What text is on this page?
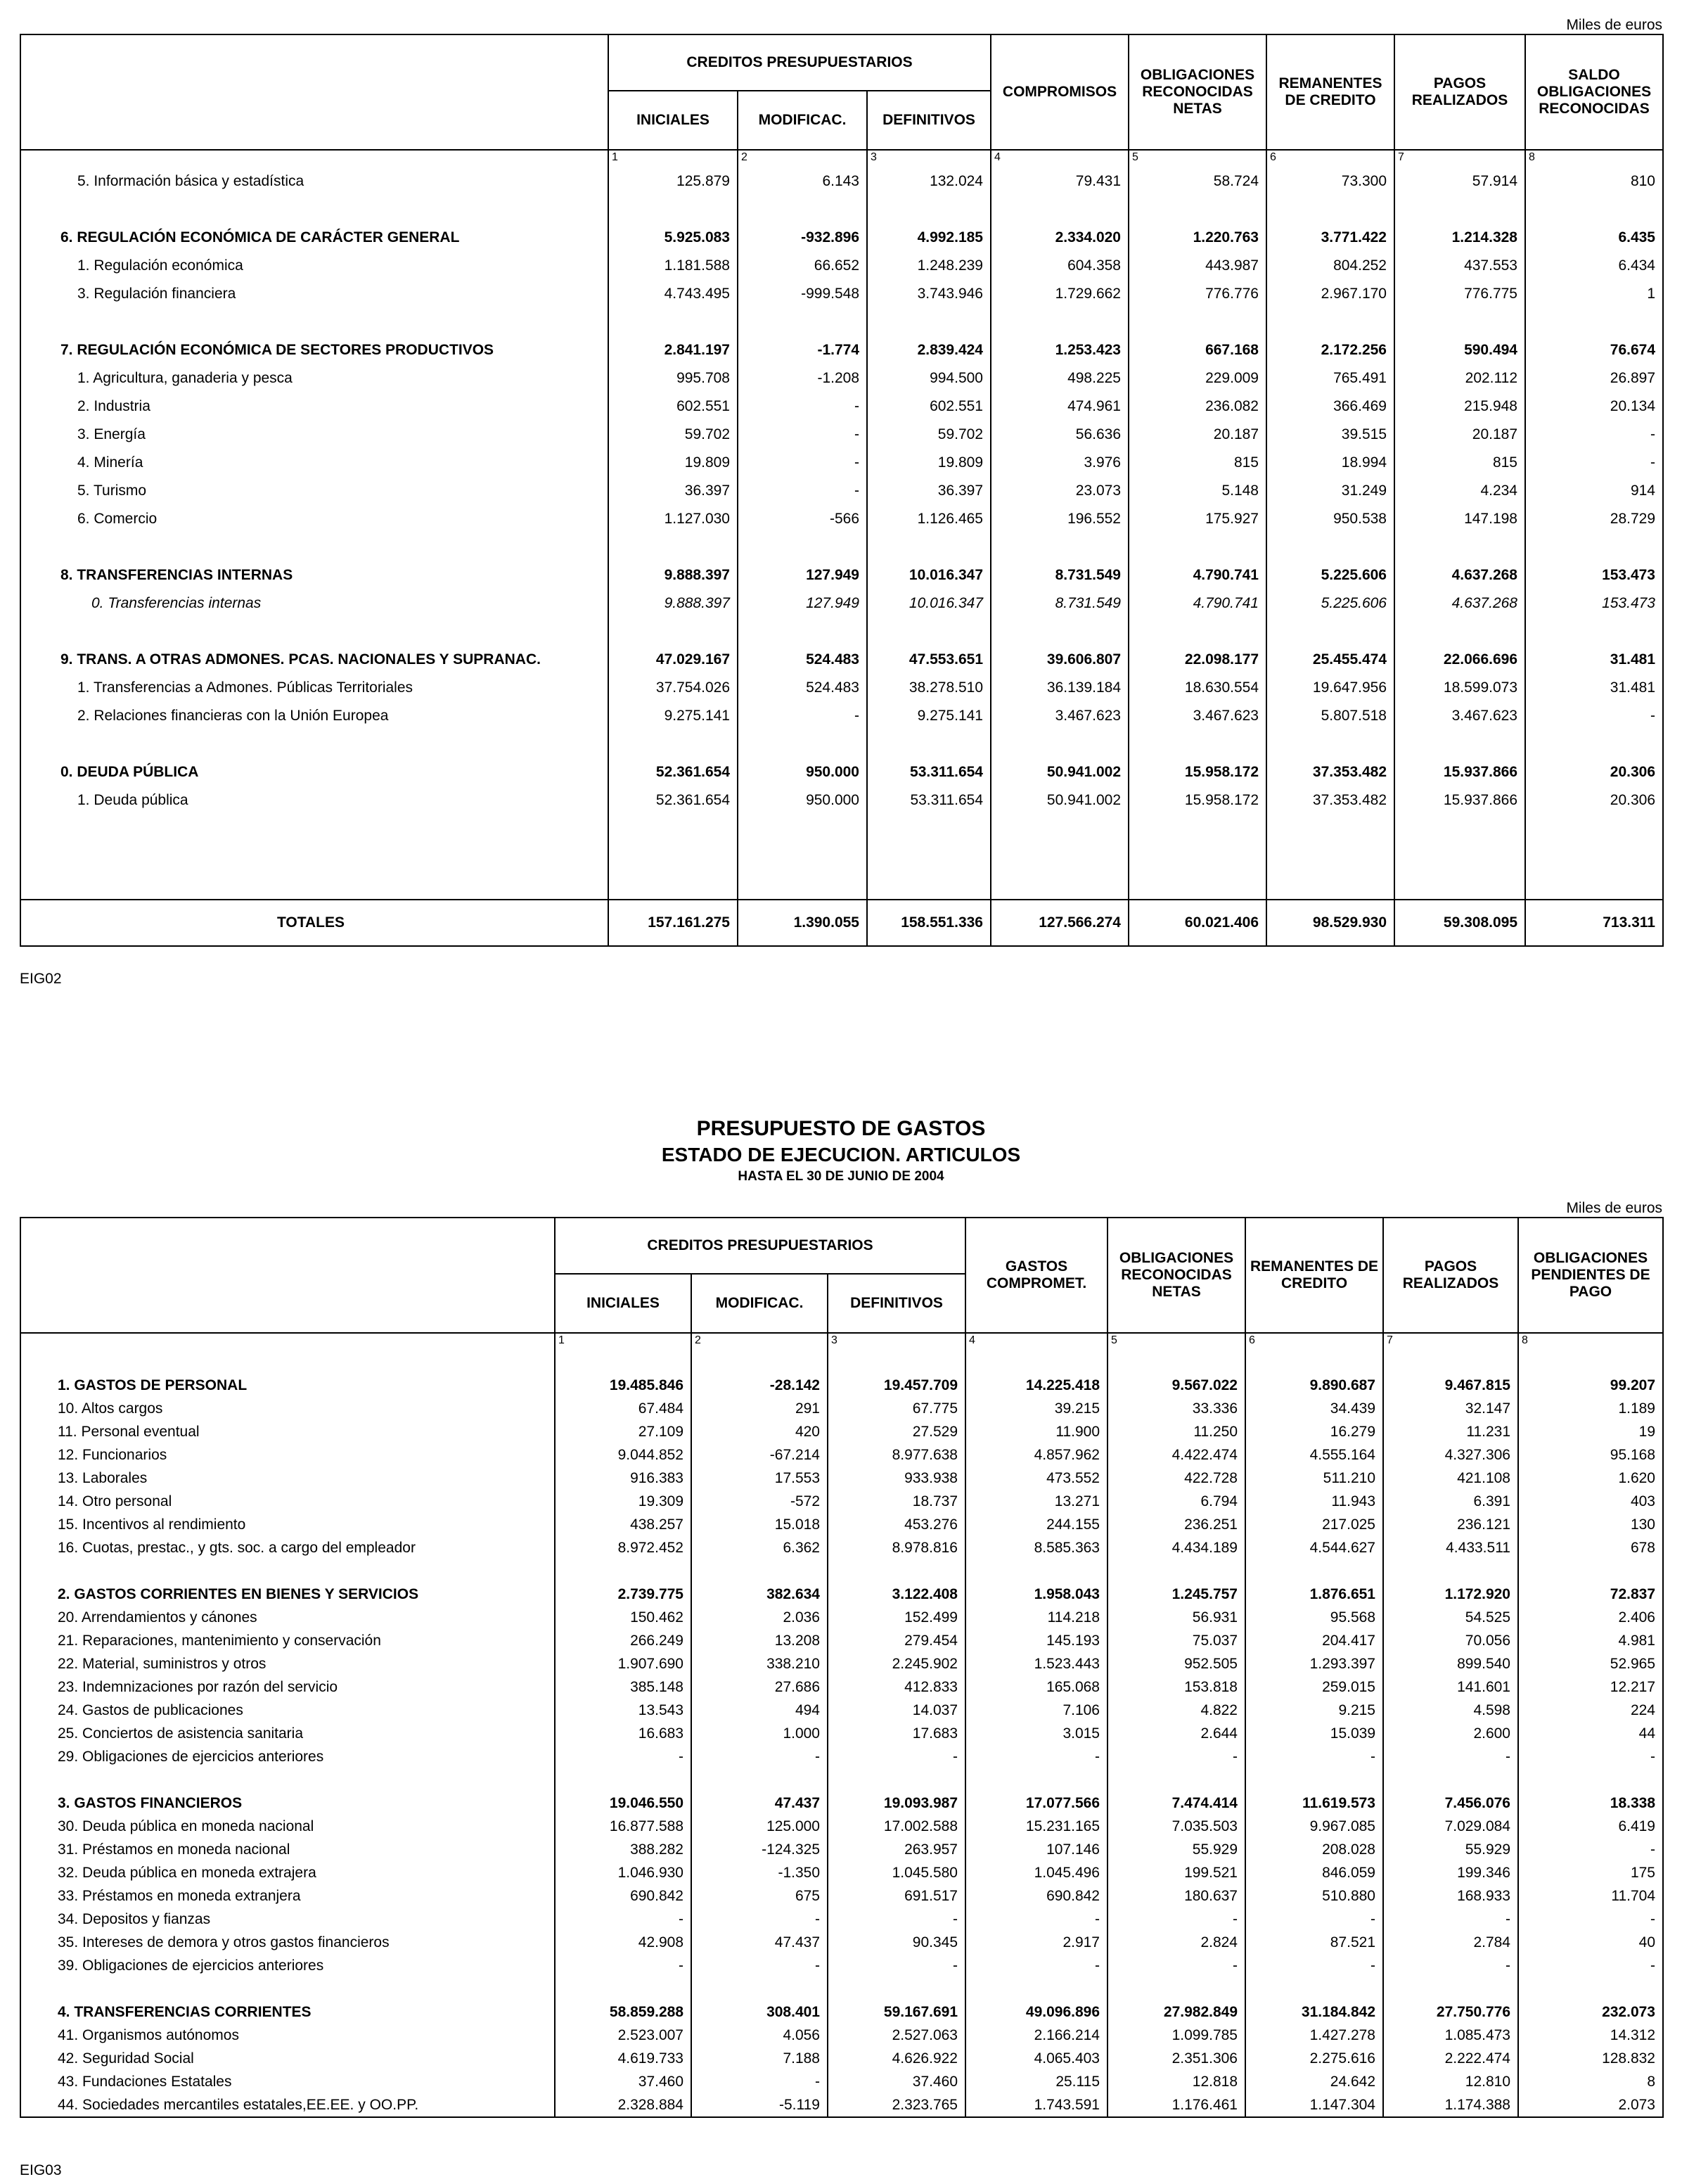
Miles de euros
	CREDITOS PRESUPUESTARIOS			COMPROMISOS	OBLIGACIONES RECONOCIDAS NETAS	REMANENTES DE CREDITO	PAGOS REALIZADOS	SALDO OBLIGACIONES RECONOCIDAS
	INICIALES	MODIFICAC.	DEFINITIVOS					
	1	2	3	4	5	6	7	8
5. Información básica y estadística	125.879	6.143	132.024	79.431	58.724	73.300	57.914	810

6. REGULACIÓN ECONÓMICA DE CARÁCTER GENERAL	5.925.083	-932.896	4.992.185	2.334.020	1.220.763	3.771.422	1.214.328	6.435
1. Regulación económica	1.181.588	66.652	1.248.239	604.358	443.987	804.252	437.553	6.434
3. Regulación financiera	4.743.495	-999.548	3.743.946	1.729.662	776.776	2.967.170	776.775	1

7. REGULACIÓN ECONÓMICA DE SECTORES PRODUCTIVOS	2.841.197	-1.774	2.839.424	1.253.423	667.168	2.172.256	590.494	76.674
1. Agricultura, ganaderia y pesca	995.708	-1.208	994.500	498.225	229.009	765.491	202.112	26.897
2. Industria	602.551	-	602.551	474.961	236.082	366.469	215.948	20.134
3. Energía	59.702	-	59.702	56.636	20.187	39.515	20.187	-
4. Minería	19.809	-	19.809	3.976	815	18.994	815	-
5. Turismo	36.397	-	36.397	23.073	5.148	31.249	4.234	914
6. Comercio	1.127.030	-566	1.126.465	196.552	175.927	950.538	147.198	28.729

8. TRANSFERENCIAS INTERNAS	9.888.397	127.949	10.016.347	8.731.549	4.790.741	5.225.606	4.637.268	153.473
0. Transferencias internas	9.888.397	127.949	10.016.347	8.731.549	4.790.741	5.225.606	4.637.268	153.473

9. TRANS. A OTRAS ADMONES. PCAS. NACIONALES Y SUPRANAC.	47.029.167	524.483	47.553.651	39.606.807	22.098.177	25.455.474	22.066.696	31.481
1. Transferencias a Admones. Públicas Territoriales	37.754.026	524.483	38.278.510	36.139.184	18.630.554	19.647.956	18.599.073	31.481
2. Relaciones financieras con la Unión Europea	9.275.141	-	9.275.141	3.467.623	3.467.623	5.807.518	3.467.623	-

0. DEUDA PÚBLICA	52.361.654	950.000	53.311.654	50.941.002	15.958.172	37.353.482	15.937.866	20.306
1. Deuda pública	52.361.654	950.000	53.311.654	50.941.002	15.958.172	37.353.482	15.937.866	20.306

TOTALES	157.161.275	1.390.055	158.551.336	127.566.274	60.021.406	98.529.930	59.308.095	713.311
EIG02
PRESUPUESTO DE GASTOS
ESTADO DE EJECUCION. ARTICULOS
HASTA EL 30 DE JUNIO DE 2004
Miles de euros
	CREDITOS PRESUPUESTARIOS			GASTOS COMPROMET.	OBLIGACIONES RECONOCIDAS NETAS	REMANENTES DE CREDITO	PAGOS REALIZADOS	OBLIGACIONES PENDIENTES DE PAGO
	INICIALES	MODIFICAC.	DEFINITIVOS					
	1	2	3	4	5	6	7	8

1. GASTOS DE PERSONAL	19.485.846	-28.142	19.457.709	14.225.418	9.567.022	9.890.687	9.467.815	99.207
10. Altos cargos	67.484	291	67.775	39.215	33.336	34.439	32.147	1.189
11. Personal eventual	27.109	420	27.529	11.900	11.250	16.279	11.231	19
12. Funcionarios	9.044.852	-67.214	8.977.638	4.857.962	4.422.474	4.555.164	4.327.306	95.168
13. Laborales	916.383	17.553	933.938	473.552	422.728	511.210	421.108	1.620
14. Otro personal	19.309	-572	18.737	13.271	6.794	11.943	6.391	403
15. Incentivos al rendimiento	438.257	15.018	453.276	244.155	236.251	217.025	236.121	130
16. Cuotas, prestac., y gts. soc. a cargo del empleador	8.972.452	6.362	8.978.816	8.585.363	4.434.189	4.544.627	4.433.511	678

2. GASTOS CORRIENTES EN BIENES Y SERVICIOS	2.739.775	382.634	3.122.408	1.958.043	1.245.757	1.876.651	1.172.920	72.837
20. Arrendamientos y cánones	150.462	2.036	152.499	114.218	56.931	95.568	54.525	2.406
21. Reparaciones, mantenimiento y conservación	266.249	13.208	279.454	145.193	75.037	204.417	70.056	4.981
22. Material, suministros y otros	1.907.690	338.210	2.245.902	1.523.443	952.505	1.293.397	899.540	52.965
23. Indemnizaciones por razón del servicio	385.148	27.686	412.833	165.068	153.818	259.015	141.601	12.217
24. Gastos de publicaciones	13.543	494	14.037	7.106	4.822	9.215	4.598	224
25. Conciertos de asistencia sanitaria	16.683	1.000	17.683	3.015	2.644	15.039	2.600	44
29. Obligaciones de ejercicios anteriores	-	-	-	-	-	-	-	-

3. GASTOS FINANCIEROS	19.046.550	47.437	19.093.987	17.077.566	7.474.414	11.619.573	7.456.076	18.338
30. Deuda pública en moneda nacional	16.877.588	125.000	17.002.588	15.231.165	7.035.503	9.967.085	7.029.084	6.419
31. Préstamos en moneda nacional	388.282	-124.325	263.957	107.146	55.929	208.028	55.929	-
32. Deuda pública en moneda extrajera	1.046.930	-1.350	1.045.580	1.045.496	199.521	846.059	199.346	175
33. Préstamos en moneda extranjera	690.842	675	691.517	690.842	180.637	510.880	168.933	11.704
34. Depositos y fianzas	-	-	-	-	-	-	-	-
35. Intereses de demora y otros gastos financieros	42.908	47.437	90.345	2.917	2.824	87.521	2.784	40
39. Obligaciones de ejercicios anteriores	-	-	-	-	-	-	-	-

4. TRANSFERENCIAS CORRIENTES	58.859.288	308.401	59.167.691	49.096.896	27.982.849	31.184.842	27.750.776	232.073
41. Organismos autónomos	2.523.007	4.056	2.527.063	2.166.214	1.099.785	1.427.278	1.085.473	14.312
42. Seguridad Social	4.619.733	7.188	4.626.922	4.065.403	2.351.306	2.275.616	2.222.474	128.832
43. Fundaciones Estatales	37.460	-	37.460	25.115	12.818	24.642	12.810	8
44. Sociedades mercantiles estatales,EE.EE. y OO.PP.	2.328.884	-5.119	2.323.765	1.743.591	1.176.461	1.147.304	1.174.388	2.073
EIG03
